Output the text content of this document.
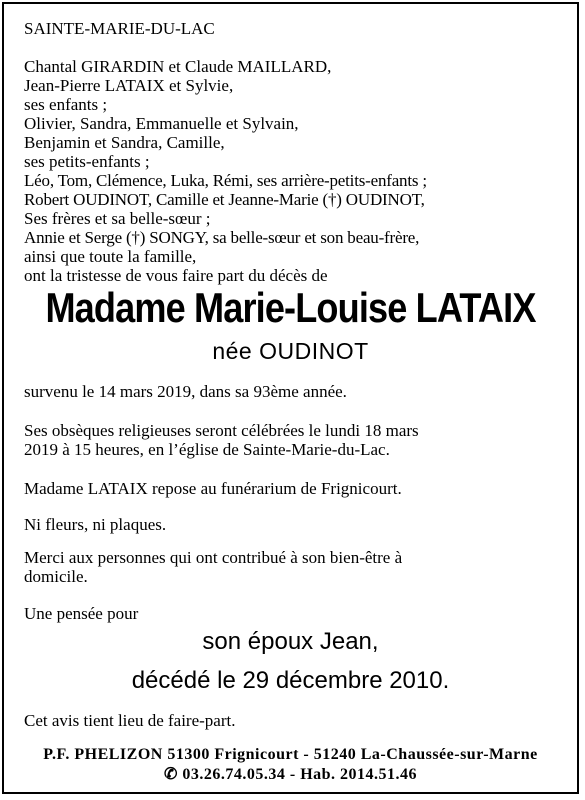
SAINTE-MARIE-DU-LAC
Chantal GIRARDIN et Claude MAILLARD,
Jean-Pierre LATAIX et Sylvie,
ses enfants ;
Olivier, Sandra, Emmanuelle et Sylvain,
Benjamin et Sandra, Camille,
ses petits-enfants ;
Léo, Tom, Clémence, Luka, Rémi, ses arrière-petits-enfants ;
Robert OUDINOT, Camille et Jeanne-Marie (†) OUDINOT,
Ses frères et sa belle-sœur ;
Annie et Serge (†) SONGY, sa belle-sœur et son beau-frère,
ainsi que toute la famille,
ont la tristesse de vous faire part du décès de
Madame Marie-Louise LATAIX
née OUDINOT
survenu le 14 mars 2019, dans sa 93ème année.
Ses obsèques religieuses seront célébrées le lundi 18 mars
2019 à 15 heures, en l’église de Sainte-Marie-du-Lac.
Madame LATAIX repose au funérarium de Frignicourt.
Ni fleurs, ni plaques.
Merci aux personnes qui ont contribué à son bien-être à
domicile.
Une pensée pour
son époux Jean,
décédé le 29 décembre 2010.
Cet avis tient lieu de faire-part.
P.F. PHELIZON 51300 Frignicourt - 51240 La-Chaussée-sur-Marne
✆ 03.26.74.05.34 - Hab. 2014.51.46
